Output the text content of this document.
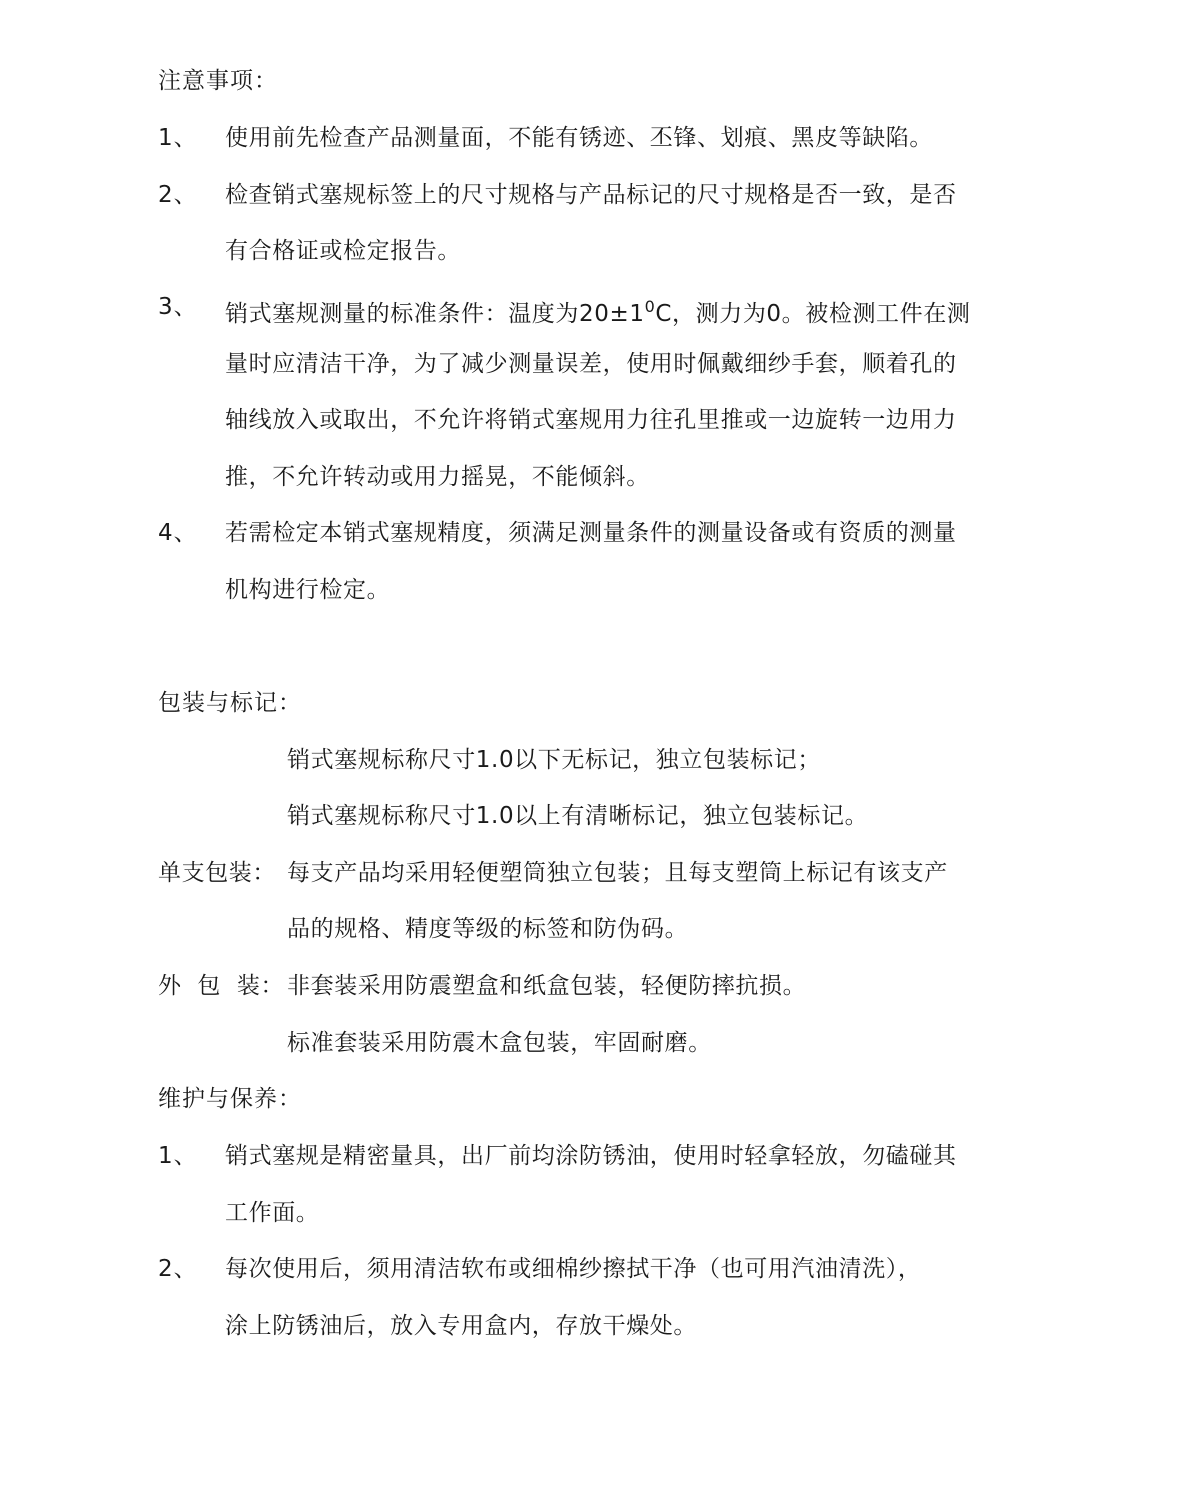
注意事项：
1、 使用前先检查产品测量面，不能有锈迹、丕锋、划痕、黑皮等缺陷。
2、 检查销式塞规标签上的尺寸规格与产品标记的尺寸规格是否一致，是否
有合格证或检定报告。
3、 销式塞规测量的标准条件：温度为$20\pm 1^0C$，测力为0。被检测工件在测
量时应清洁干净，为了减少测量误差，使用时佩戴细纱手套，顺着孔的
轴线放入或取出，不允许将销式塞规用力往孔里推或一边旋转一边用力
推，不允许转动或用力摇晃，不能倾斜。
4、 若需检定本销式塞规精度，须满足测量条件的测量设备或有资质的测量
机构进行检定。
包装与标记：
销式塞规标称尺寸1.0以下无标记，独立包装标记；
销式塞规标称尺寸1.0以上有清晰标记，独立包装标记。
单支包装： 每支产品均采用轻便塑筒独立包装；且每支塑筒上标记有该支产
品的规格、精度等级的标签和防伪码。
外  包  装： 非套装采用防震塑盒和纸盒包装，轻便防摔抗损。
标准套装采用防震木盒包装，牢固耐磨。
维护与保养：
1、 销式塞规是精密量具，出厂前均涂防锈油，使用时轻拿轻放，勿磕碰其
工作面。
2、 每次使用后，须用清洁软布或细棉纱擦拭干净（也可用汽油清洗），
涂上防锈油后，放入专用盒内，存放干燥处。
